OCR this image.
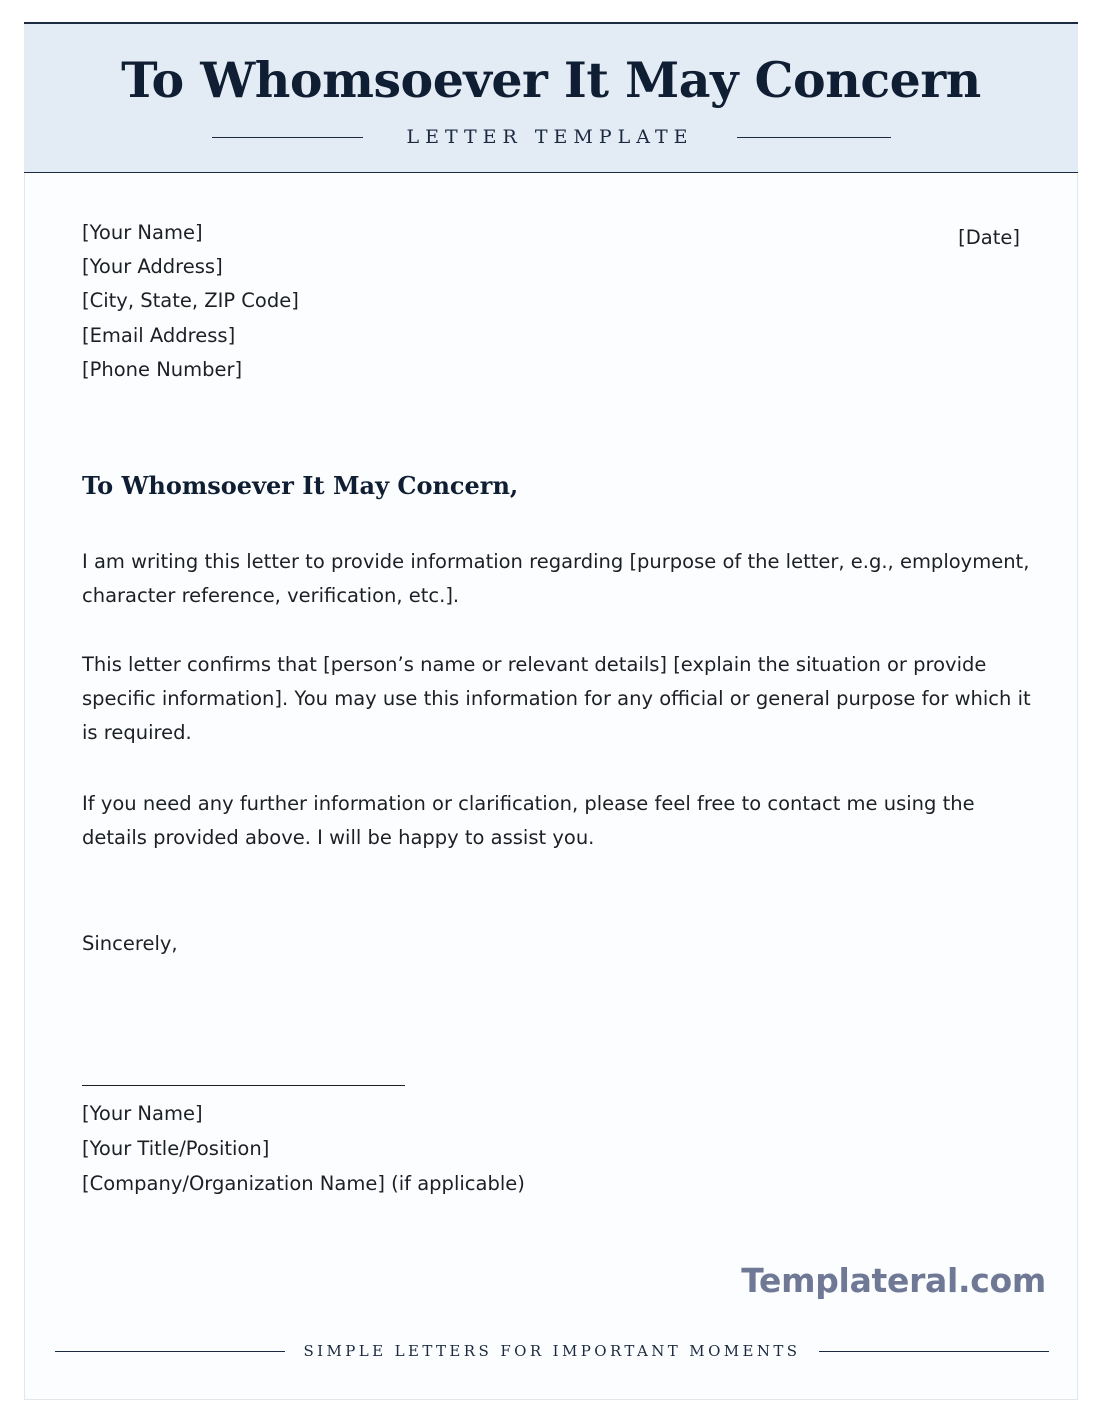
To Whomsoever It May Concern
LETTER TEMPLATE
[Your Name]
[Your Address]
[City, State, ZIP Code]
[Email Address]
[Phone Number]
[Date]
To Whomsoever It May Concern,
I am writing this letter to provide information regarding [purpose of the letter, e.g., employment, character reference, verification, etc.].
This letter confirms that [person’s name or relevant details] [explain the situation or provide specific information]. You may use this information for any official or general purpose for which it is required.
If you need any further information or clarification, please feel free to contact me using the details provided above. I will be happy to assist you.
Sincerely,
[Your Name]
[Your Title/Position]
[Company/Organization Name] (if applicable)
Templateral.com
SIMPLE LETTERS FOR IMPORTANT MOMENTS
